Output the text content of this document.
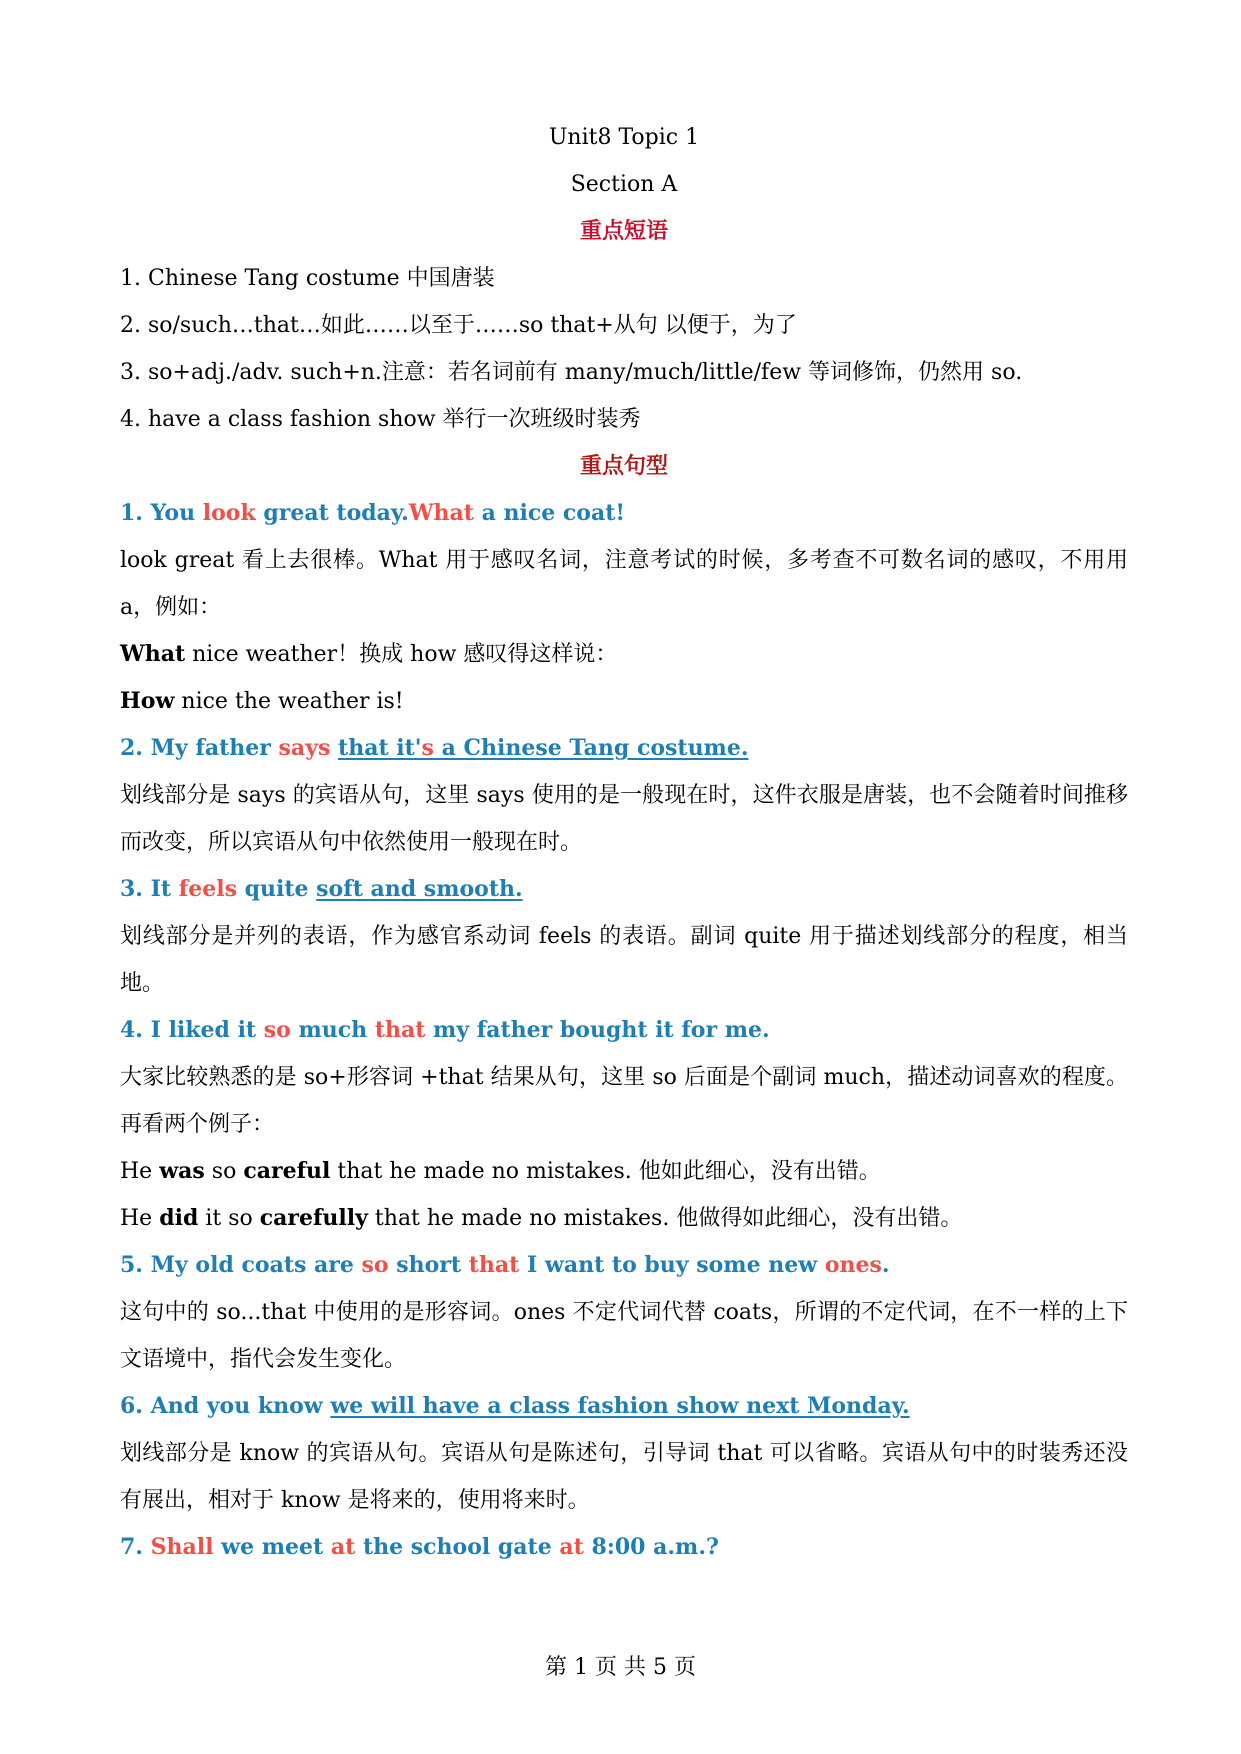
Unit8 Topic 1
Section A
重点短语
1. Chinese Tang costume 中国唐装
2. so/such…that…如此……以至于……so that+从句 以便于，为了
3. so+adj./adv. such+n.注意：若名词前有 many/much/little/few 等词修饰，仍然用 so.
4. have a class fashion show 举行一次班级时装秀
重点句型
1. You look great today.What a nice coat!
look great 看上去很棒。What 用于感叹名词，注意考试的时候，多考查不可数名词的感叹，不用用 a，例如：
What nice weather！换成 how 感叹得这样说：
How nice the weather is!
2. My father says that it's a Chinese Tang costume.
划线部分是 says 的宾语从句，这里 says 使用的是一般现在时，这件衣服是唐装，也不会随着时间推移而改变，所以宾语从句中依然使用一般现在时。
3. It feels quite soft and smooth.
划线部分是并列的表语，作为感官系动词 feels 的表语。副词 quite 用于描述划线部分的程度，相当地。
4. I liked it so much that my father bought it for me.
大家比较熟悉的是 so+形容词 +that 结果从句，这里 so 后面是个副词 much，描述动词喜欢的程度。再看两个例子：
He was so careful that he made no mistakes. 他如此细心，没有出错。
He did it so carefully that he made no mistakes. 他做得如此细心，没有出错。
5. My old coats are so short that I want to buy some new ones.
这句中的 so...that 中使用的是形容词。ones 不定代词代替 coats，所谓的不定代词，在不一样的上下文语境中，指代会发生变化。
6. And you know we will have a class fashion show next Monday.
划线部分是 know 的宾语从句。宾语从句是陈述句，引导词 that 可以省略。宾语从句中的时装秀还没有展出，相对于 know 是将来的，使用将来时。
7. Shall we meet at the school gate at 8:00 a.m.?
第 1 页 共 5 页
